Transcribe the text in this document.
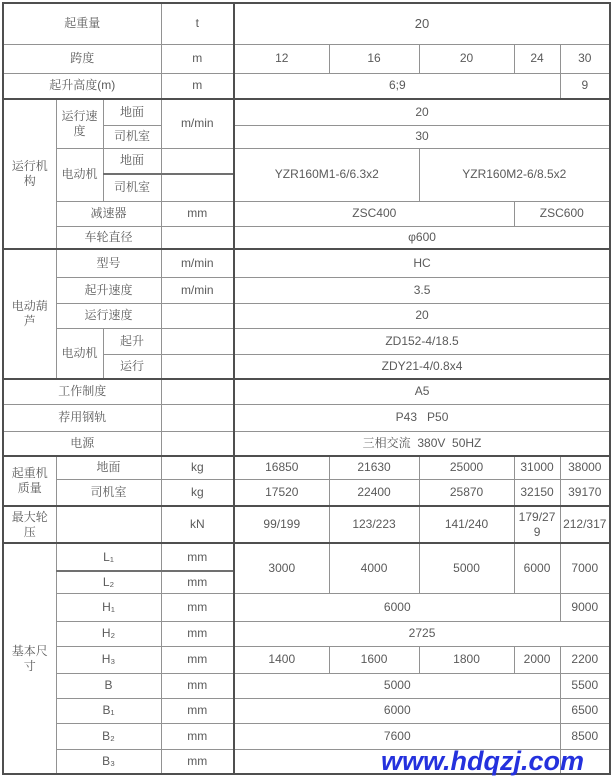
起重量			t	20				
跨度			m	12	16	20	24	30
起升高度(m)			m	6;9				9
运行机构	运行速度	地面	m/min	20				
		司机室		30				
	电动机	地面		YZR160M1-6/6.3x2		YZR160M2-6/8.5x2		
		司机室						
	减速器		mm	ZSC400			ZSC600	
	车轮直径			φ600				
电动葫芦	型号		m/min	HC				
	起升速度		m/min	3.5				
	运行速度			20				
	电动机	起升		ZD152-4/18.5				
		运行		ZDY21-4/0.8x4				
工作制度				A5				
荐用钢轨				P43   P50				
电源				三相交流  380V  50HZ				
起重机质量	地面		kg	16850	21630	25000	31000	38000
	司机室		kg	17520	22400	25870	32150	39170
最大轮压			kN	99/199	123/223	141/240	179/279	212/317
基本尺寸	L₁		mm	3000	4000	5000	6000	7000
	L₂		mm					
	H₁		mm	6000				9000
	H₂		mm	2725				
	H₃		mm	1400	1600	1800	2000	2200
	B		mm	5000				5500
	B₁		mm	6000				6500
	B₂		mm	7600				8500
	B₃		mm						www.hdqzj.com
